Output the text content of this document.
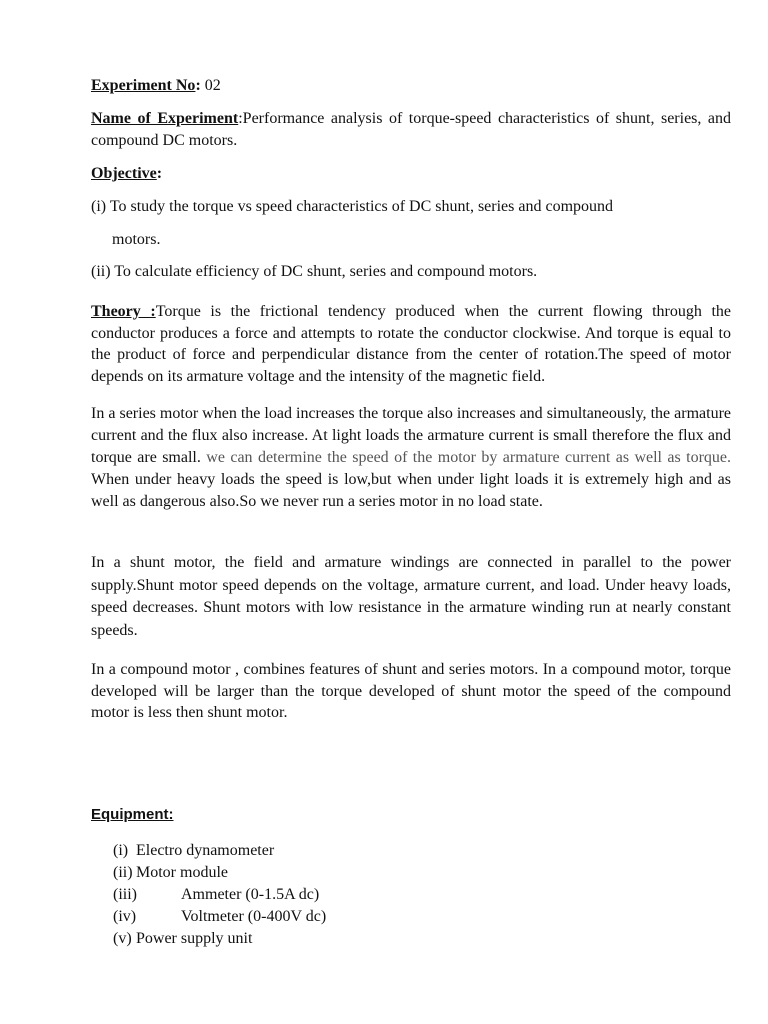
Experiment No: 02
Name of Experiment:Performance analysis of torque-speed characteristics of shunt, series, and compound DC motors.
Objective:
(i) To study the torque vs speed characteristics of DC shunt, series and compound
motors.
(ii) To calculate efficiency of DC shunt, series and compound motors.
Theory :Torque is the frictional tendency produced when the current flowing through the conductor produces a force and attempts to rotate the conductor clockwise. And torque is equal to the product of force and perpendicular distance from the center of rotation.The speed of motor depends on its armature voltage and the intensity of the magnetic field.
In a series motor when the load increases the torque also increases and simultaneously, the armature current and the flux also increase. At light loads the armature current is small therefore the flux and torque are small. we can determine the speed of the motor by armature current as well as torque. When under heavy loads the speed is low,but when under light loads it is extremely high and as well as dangerous also.So we never run a series motor in no load state.
In a shunt motor, the field and armature windings are connected in parallel to the power supply.Shunt motor speed depends on the voltage, armature current, and load. Under heavy loads, speed decreases. Shunt motors with low resistance in the armature winding run at nearly constant speeds.
In a compound motor , combines features of shunt and series motors. In a compound motor, torque developed will be larger than the torque developed of shunt motor the speed of the compound motor is less then shunt motor.
Equipment:
(i) Electro dynamometer
(ii) Motor module
(iii)	Ammeter (0-1.5A dc)
(iv)	Voltmeter (0-400V dc)
(v) Power supply unit
